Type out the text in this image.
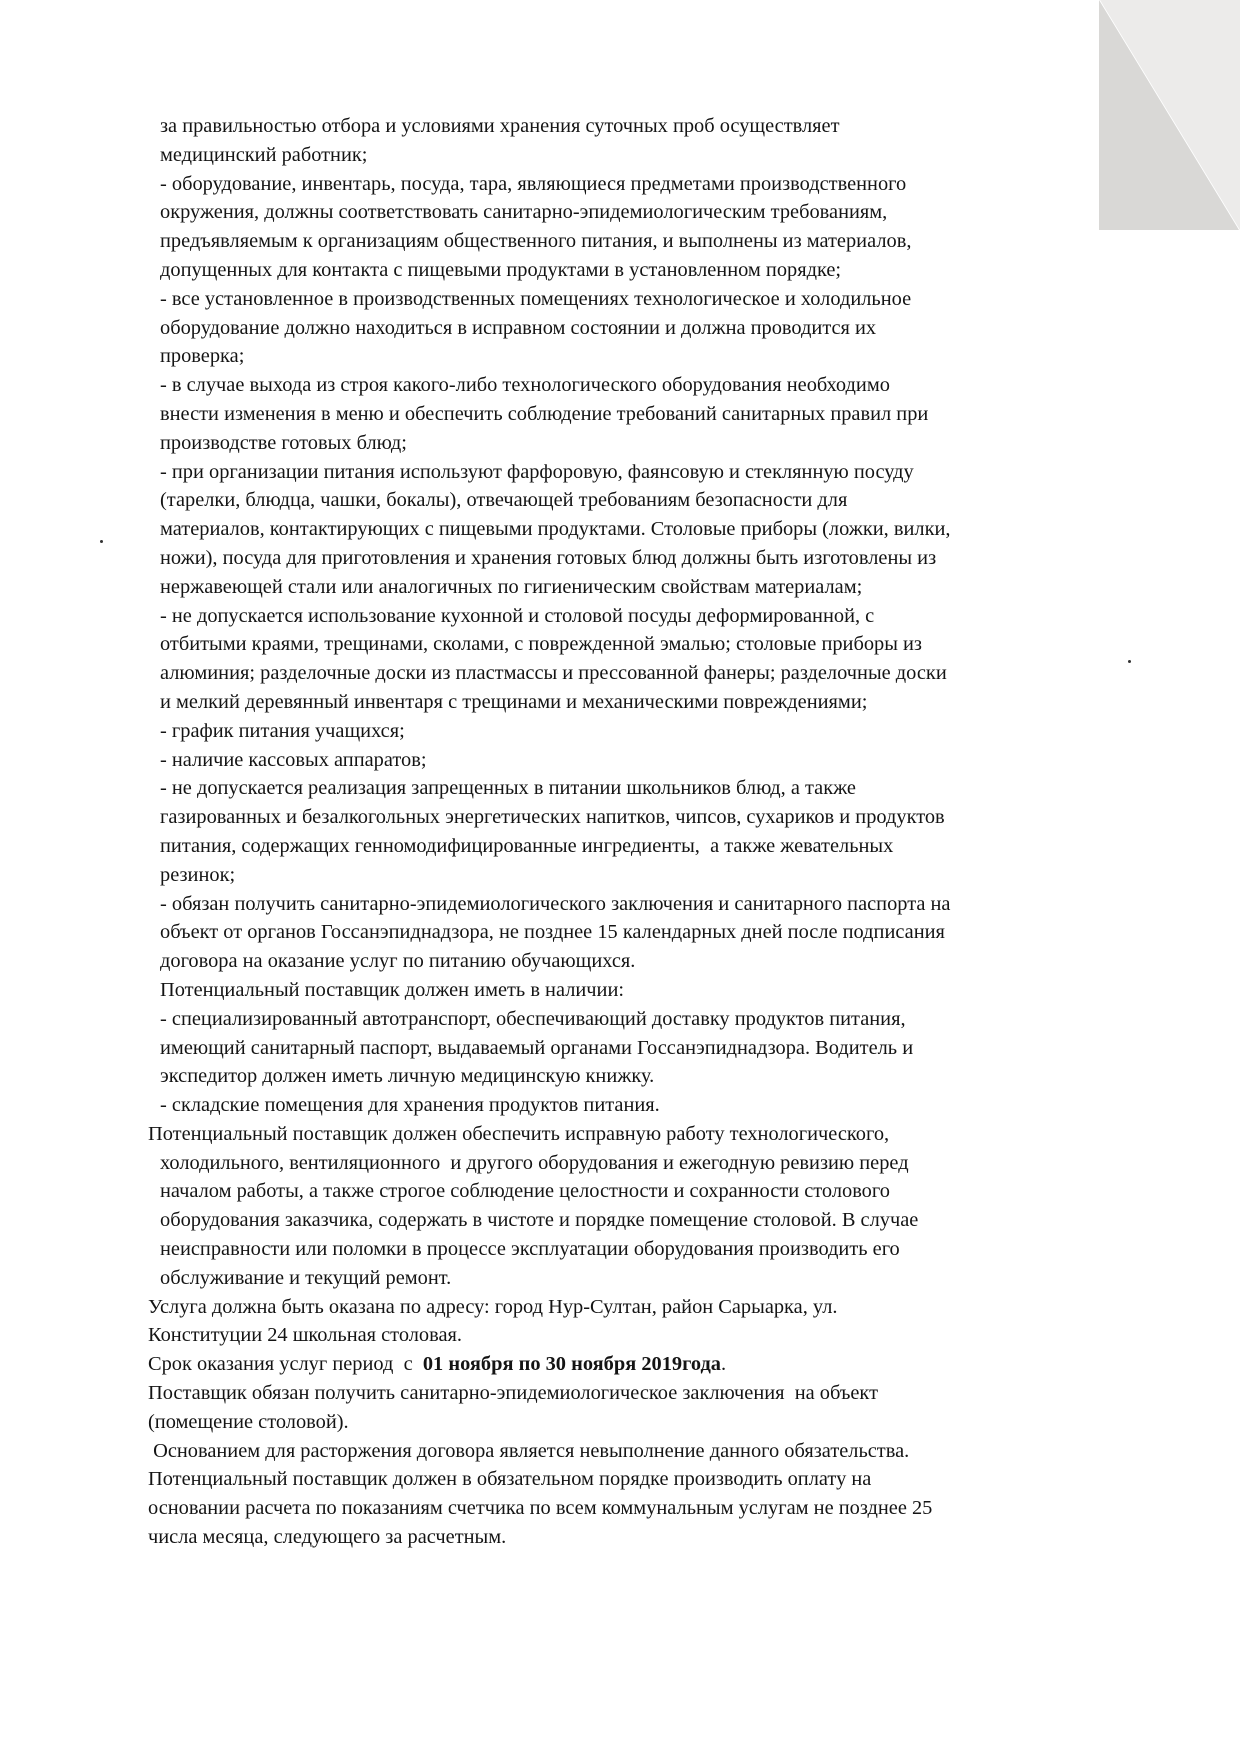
за правильностью отбора и условиями хранения суточных проб осуществляет

медицинский работник;

- оборудование, инвентарь, посуда, тара, являющиеся предметами производственного

окружения, должны соответствовать санитарно-эпидемиологическим требованиям,

предъявляемым к организациям общественного питания, и выполнены из материалов,

допущенных для контакта с пищевыми продуктами в установленном порядке;

- все установленное в производственных помещениях технологическое и холодильное

оборудование должно находиться в исправном состоянии и должна проводится их

проверка;

- в случае выхода из строя какого-либо технологического оборудования необходимо

внести изменения в меню и обеспечить соблюдение требований санитарных правил при

производстве готовых блюд;

- при организации питания используют фарфоровую, фаянсовую и стеклянную посуду

(тарелки, блюдца, чашки, бокалы), отвечающей требованиям безопасности для

материалов, контактирующих с пищевыми продуктами. Столовые приборы (ложки, вилки,

ножи), посуда для приготовления и хранения готовых блюд должны быть изготовлены из

нержавеющей стали или аналогичных по гигиеническим свойствам материалам;

- не допускается использование кухонной и столовой посуды деформированной, с

отбитыми краями, трещинами, сколами, с поврежденной эмалью; столовые приборы из

алюминия; разделочные доски из пластмассы и прессованной фанеры; разделочные доски

и мелкий деревянный инвентаря с трещинами и механическими повреждениями;

- график питания учащихся;

- наличие кассовых аппаратов;

- не допускается реализация запрещенных в питании школьников блюд, а также

газированных и безалкогольных энергетических напитков, чипсов, сухариков и продуктов

питания, содержащих генномодифицированные ингредиенты,  а также жевательных

резинок;

- обязан получить санитарно-эпидемиологического заключения и санитарного паспорта на

объект от органов Госсанэпиднадзора, не позднее 15 календарных дней после подписания

договора на оказание услуг по питанию обучающихся.

Потенциальный поставщик должен иметь в наличии:

- специализированный автотранспорт, обеспечивающий доставку продуктов питания,

имеющий санитарный паспорт, выдаваемый органами Госсанэпиднадзора. Водитель и

экспедитор должен иметь личную медицинскую книжку.

- складские помещения для хранения продуктов питания.

Потенциальный поставщик должен обеспечить исправную работу технологического,

холодильного, вентиляционного  и другого оборудования и ежегодную ревизию перед

началом работы, а также строгое соблюдение целостности и сохранности столового

оборудования заказчика, содержать в чистоте и порядке помещение столовой. В случае

неисправности или поломки в процессе эксплуатации оборудования производить его

обслуживание и текущий ремонт.

Услуга должна быть оказана по адресу: город Нур-Султан, район Сарыарка, ул.

Конституции 24 школьная столовая.

Срок оказания услуг период  с  01 ноября по 30 ноября 2019года.

Поставщик обязан получить санитарно-эпидемиологическое заключения  на объект

(помещение столовой).

Основанием для расторжения договора является невыполнение данного обязательства.

Потенциальный поставщик должен в обязательном порядке производить оплату на

основании расчета по показаниям счетчика по всем коммунальным услугам не позднее 25

числа месяца, следующего за расчетным.
